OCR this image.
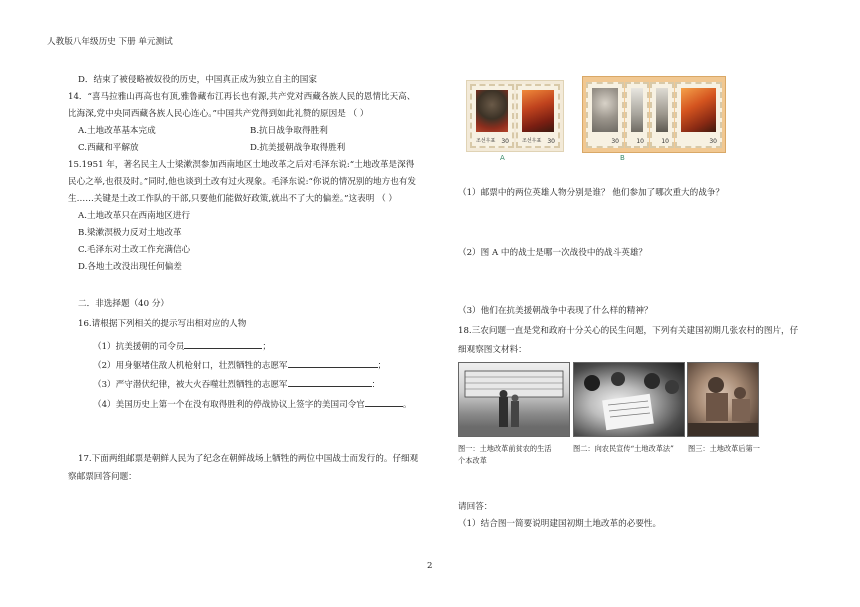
人教版八年级历史 下册 单元测试
D．结束了被侵略被奴役的历史，中国真正成为独立自主的国家
14．“喜马拉雅山再高也有顶,雅鲁藏布江再长也有源,共产党对西藏各族人民的恩情比天高、
比海深,党中央同西藏各族人民心连心。”中国共产党得到如此礼赞的原因是 （ ）
A.土地改革基本完成	B.抗日战争取得胜利
C.西藏和平解放	D.抗美援朝战争取得胜利
15.1951 年，著名民主人士梁漱溟参加西南地区土地改革之后对毛泽东说:“土地改革是深得
民心之举,也很及时。”同时,他也谈到土改有过火现象。毛泽东说:“你说的情况别的地方也有发
生……关键是土改工作队的干部,只要他们能做好政策,就出不了大的偏差。”这表明 （ ）
A.土地改革只在西南地区进行
B.梁漱溟极力反对土地改革
C.毛泽东对土改工作充满信心
D.各地土改没出现任何偏差
二．非选择题（40 分）
16.请根据下列相关的提示写出相对应的人物
（1）抗美援朝的司令员	；
（2）用身躯堵住敌人机枪射口，壮烈牺牲的志愿军	；
（3）严守潜伏纪律，被大火吞噬壮烈牺牲的志愿军	：
（4）美国历史上第一个在没有取得胜利的停战协议上签字的美国司令官	。
17.下面两组邮票是朝鲜人民为了纪念在朝鲜战场上牺牲的两位中国战士而发行的。仔细观
察邮票回答问题：
조선우표 30	조선우표 30
A
30	10	10	30
B
（1）邮票中的两位英雄人物分别是谁？ 他们参加了哪次重大的战争？
（2）图 A 中的战士是哪一次战役中的战斗英雄？
（3）他们在抗美援朝战争中表现了什么样的精神？
18.三农问题一直是党和政府十分关心的民生问题，下列有关建国初期几张农村的图片，仔
细观察图文材料：
图一：土地改革前贫农的生活
个本改革
图二：向农民宣传“土地改革法” 图三：土地改革后第一
请回答：
（1）结合图一简要说明建国初期土地改革的必要性。
2
